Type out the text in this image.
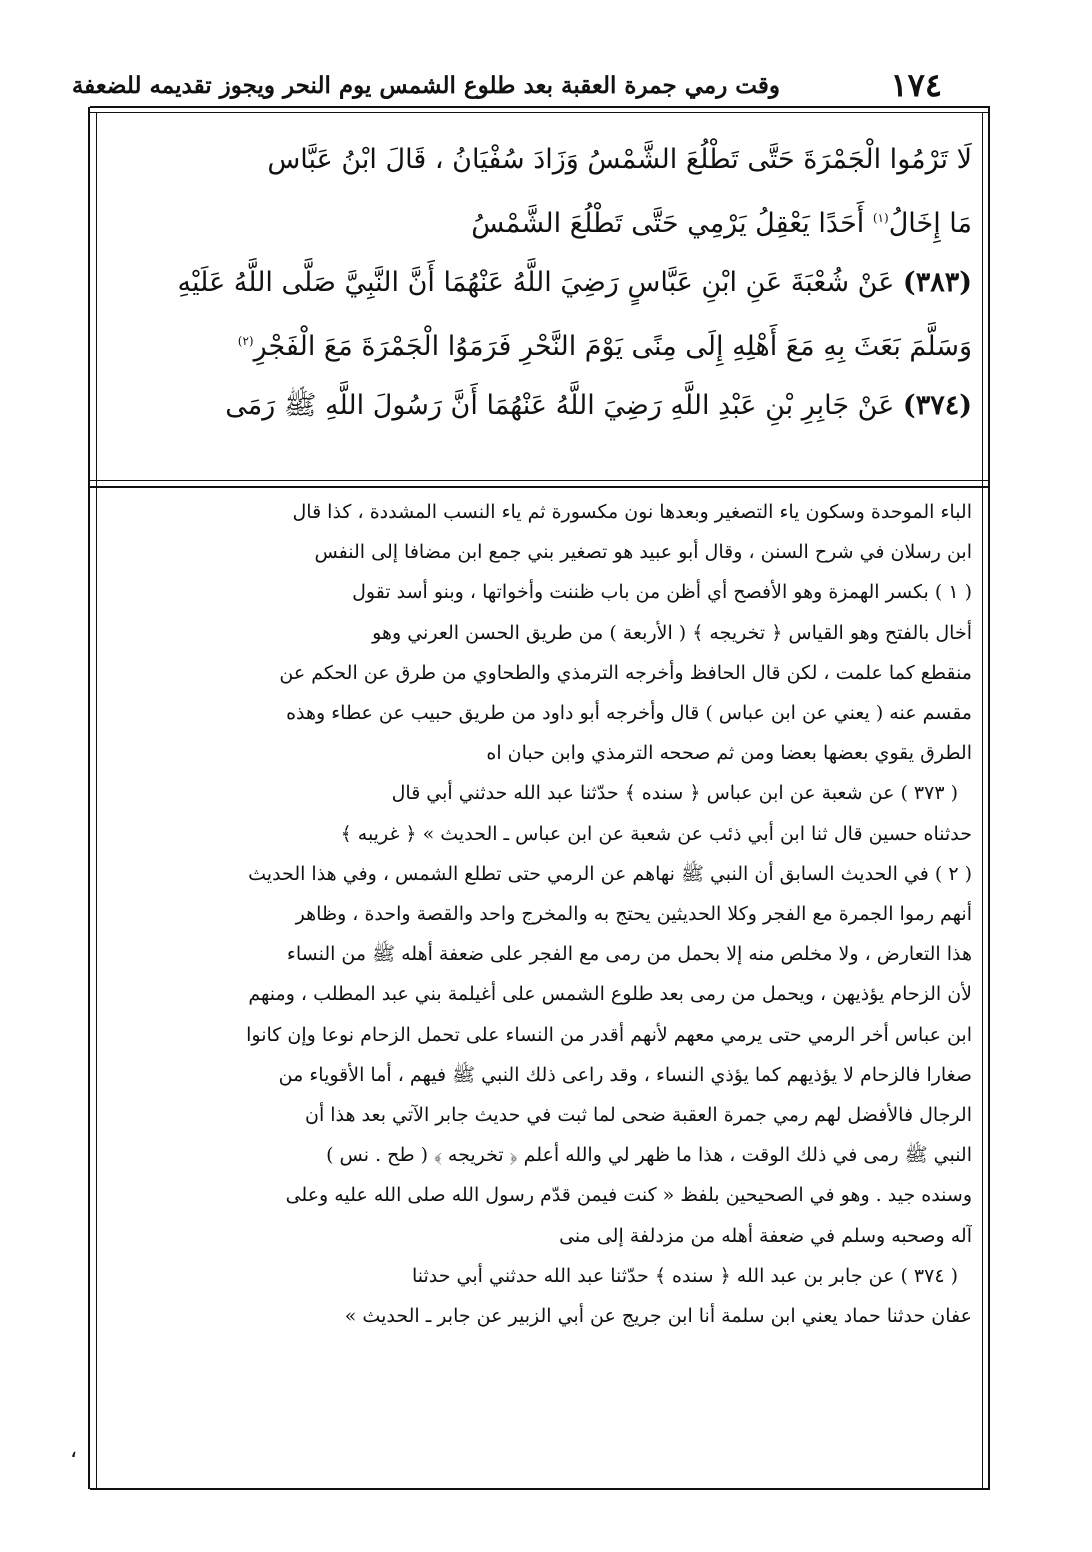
١٧٤
وقت رمي جمرة العقبة بعد طلوع الشمس يوم النحر ويجوز تقديمه للضعفة
،

لَا تَرْمُوا الْجَمْرَةَ حَتَّى تَطْلُعَ الشَّمْسُ وَزَادَ سُفْيَانُ ، قَالَ ابْنُ عَبَّاس

مَا إِخَالُ$^{(١)}$ أَحَدًا يَعْقِلُ يَرْمِي حَتَّى تَطْلُعَ الشَّمْسُ

(٣٨٣) عَنْ شُعْبَةَ عَنِ ابْنِ عَبَّاسٍ رَضِيَ اللَّهُ عَنْهُمَا أَنَّ النَّبِيَّ صَلَّى اللَّهُ عَلَيْهِ

وَسَلَّمَ بَعَثَ بِهِ مَعَ أَهْلِهِ إِلَى مِنًى يَوْمَ النَّحْرِ فَرَمَوُا الْجَمْرَةَ مَعَ الْفَجْرِ$^{(٢)}$

(٣٧٤) عَنْ جَابِرِ بْنِ عَبْدِ اللَّهِ رَضِيَ اللَّهُ عَنْهُمَا أَنَّ رَسُولَ اللَّهِ ﷺ رَمَى

الباء الموحدة وسكون ياء التصغير وبعدها نون مكسورة ثم ياء النسب المشددة ، كذا قال

ابن رسلان في شرح السنن ، وقال أبو عبيد هو تصغير بني جمع ابن مضافا إلى النفس

( ١ ) بكسر الهمزة وهو الأفصح أي أظن من باب ظننت وأخواتها ، وبنو أسد تقول

أخال بالفتح وهو القياس ﴿ تخريجه ﴾ ( الأربعة ) من طريق الحسن العرني وهو

منقطع كما علمت ، لكن قال الحافظ وأخرجه الترمذي والطحاوي من طرق عن الحكم عن

مقسم عنه ( يعني عن ابن عباس ) قال وأخرجه أبو داود من طريق حبيب عن عطاء وهذه

الطرق يقوي بعضها بعضا ومن ثم صححه الترمذي وابن حبان اه

( ٣٧٣ ) عن شعبة عن ابن عباس ﴿ سنده ﴾ حدّثنا عبد الله حدثني أبي قال

حدثناه حسين قال ثنا ابن أبي ذئب عن شعبة عن ابن عباس ـ الحديث » ﴿ غريبه ﴾

( ٢ ) في الحديث السابق أن النبي ﷺ نهاهم عن الرمي حتى تطلع الشمس ، وفي هذا الحديث

أنهم رموا الجمرة مع الفجر وكلا الحديثين يحتج به والمخرج واحد والقصة واحدة ، وظاهر

هذا التعارض ، ولا مخلص منه إلا بحمل من رمى مع الفجر على ضعفة أهله ﷺ من النساء

لأن الزحام يؤذيهن ، ويحمل من رمى بعد طلوع الشمس على أغيلمة بني عبد المطلب ، ومنهم

ابن عباس أخر الرمي حتى يرمي معهم لأنهم أقدر من النساء على تحمل الزحام نوعا وإن كانوا

صغارا فالزحام لا يؤذيهم كما يؤذي النساء ، وقد راعى ذلك النبي ﷺ فيهم ، أما الأقوياء من

الرجال فالأفضل لهم رمي جمرة العقبة ضحى لما ثبت في حديث جابر الآتي بعد هذا أن

النبي ﷺ رمى في ذلك الوقت ، هذا ما ظهر لي والله أعلم ﴿ تخريجه ﴾ ( طح . نس )

وسنده جيد . وهو في الصحيحين بلفظ « كنت فيمن قدّم رسول الله صلى الله عليه وعلى

آله وصحبه وسلم في ضعفة أهله من مزدلفة إلى منى

( ٣٧٤ ) عن جابر بن عبد الله ﴿ سنده ﴾ حدّثنا عبد الله حدثني أبي حدثنا

عفان حدثنا حماد يعني ابن سلمة أنا ابن جريج عن أبي الزبير عن جابر ـ الحديث »
